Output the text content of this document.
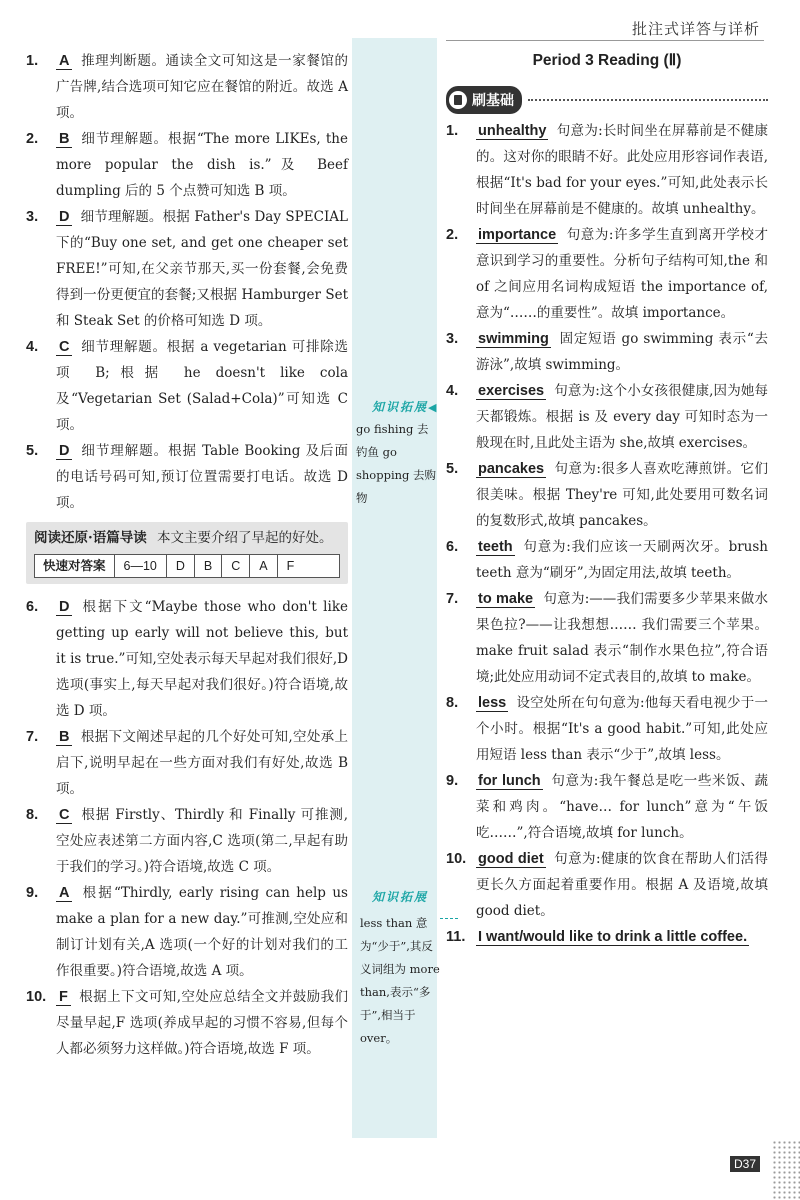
批注式详答与详析
1. A 推理判断题。通读全文可知这是一家餐馆的广告牌,结合选项可知它应在餐馆的附近。故选 A 项。
2. B 细节理解题。根据“The more LIKEs, the more popular the dish is.”及 Beef dumpling 后的 5 个点赞可知选 B 项。
3. D 细节理解题。根据 Father's Day SPECIAL 下的“Buy one set, and get one cheaper set FREE!”可知,在父亲节那天,买一份套餐,会免费得到一份更便宜的套餐;又根据 Hamburger Set 和 Steak Set 的价格可知选 D 项。
4. C 细节理解题。根据 a vegetarian 可排除选项 B;根据 he doesn't like cola 及“Vegetarian Set (Salad+Cola)”可知选 C 项。
5. D 细节理解题。根据 Table Booking 及后面的电话号码可知,预订位置需要打电话。故选 D 项。
阅读还原·语篇导读 本文主要介绍了早起的好处。
快速对答案	6—10	D	B	C	A	F
6. D 根据下文“Maybe those who don't like getting up early will not believe this, but it is true.”可知,空处表示每天早起对我们很好,D 选项(事实上,每天早起对我们很好。)符合语境,故选 D 项。
7. B 根据下文阐述早起的几个好处可知,空处承上启下,说明早起在一些方面对我们有好处,故选 B 项。
8. C 根据 Firstly、Thirdly 和 Finally 可推测,空处应表述第二方面内容,C 选项(第二,早起有助于我们的学习。)符合语境,故选 C 项。
9. A 根据“Thirdly, early rising can help us make a plan for a new day.”可推测,空处应和制订计划有关,A 选项(一个好的计划对我们的工作很重要。)符合语境,故选 A 项。
10. F 根据上下文可知,空处应总结全文并鼓励我们尽量早起,F 选项(养成早起的习惯不容易,但每个人都必须努力这样做。)符合语境,故选 F 项。
知识拓展◀
go fishing 去钓鱼 go shopping 去购物
知识拓展
less than 意为“少于”,其反义词组为 more than,表示“多于”,相当于 over。
Period 3 Reading (Ⅱ)
刷基础
1. unhealthy 句意为:长时间坐在屏幕前是不健康的。这对你的眼睛不好。此处应用形容词作表语,根据“It's bad for your eyes.”可知,此处表示长时间坐在屏幕前是不健康的。故填 unhealthy。
2. importance 句意为:许多学生直到离开学校才意识到学习的重要性。分析句子结构可知,the 和 of 之间应用名词构成短语 the importance of,意为“……的重要性”。故填 importance。
3. swimming 固定短语 go swimming 表示“去游泳”,故填 swimming。
4. exercises 句意为:这个小女孩很健康,因为她每天都锻炼。根据 is 及 every day 可知时态为一般现在时,且此处主语为 she,故填 exercises。
5. pancakes 句意为:很多人喜欢吃薄煎饼。它们很美味。根据 They're 可知,此处要用可数名词的复数形式,故填 pancakes。
6. teeth 句意为:我们应该一天刷两次牙。brush teeth 意为“刷牙”,为固定用法,故填 teeth。
7. to make 句意为:——我们需要多少苹果来做水果色拉?——让我想想…… 我们需要三个苹果。make fruit salad 表示“制作水果色拉”,符合语境;此处应用动词不定式表目的,故填 to make。
8. less 设空处所在句句意为:他每天看电视少于一个小时。根据“It's a good habit.”可知,此处应用短语 less than 表示“少于”,故填 less。
9. for lunch 句意为:我午餐总是吃一些米饭、蔬菜和鸡肉。“have… for lunch”意为“午饭吃……”,符合语境,故填 for lunch。
10. good diet 句意为:健康的饮食在帮助人们活得更长久方面起着重要作用。根据 A 及语境,故填 good diet。
11. I want/would like to drink a little coffee.
D37
